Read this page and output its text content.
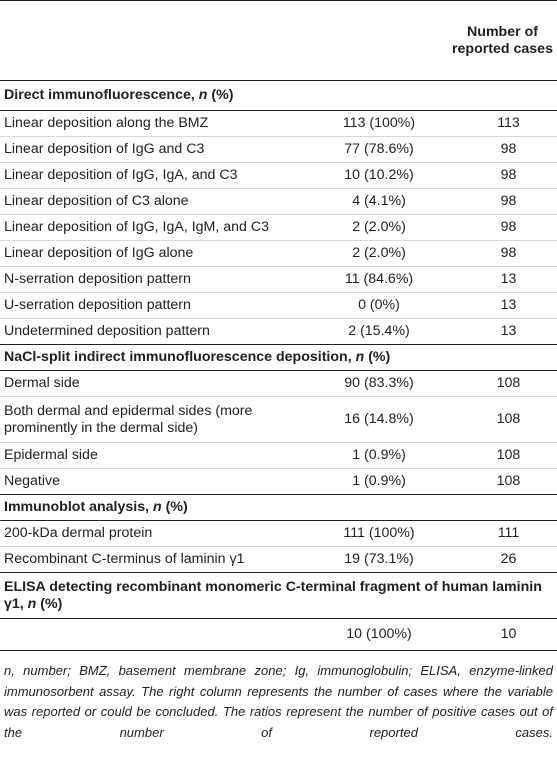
		Number of reported cases
Direct immunofluorescence, n (%)		
Linear deposition along the BMZ	113 (100%)	113
Linear deposition of IgG and C3	77 (78.6%)	98
Linear deposition of IgG, IgA, and C3	10 (10.2%)	98
Linear deposition of C3 alone	4 (4.1%)	98
Linear deposition of IgG, IgA, IgM, and C3	2 (2.0%)	98
Linear deposition of IgG alone	2 (2.0%)	98
N-serration deposition pattern	11 (84.6%)	13
U-serration deposition pattern	0 (0%)	13
Undetermined deposition pattern	2 (15.4%)	13
NaCl-split indirect immunofluorescence deposition, n (%)		
Dermal side	90 (83.3%)	108
Both dermal and epidermal sides (more prominently in the dermal side)	16 (14.8%)	108
Epidermal side	1 (0.9%)	108
Negative	1 (0.9%)	108
Immunoblot analysis, n (%)		
200-kDa dermal protein	111 (100%)	111
Recombinant C-terminus of laminin γ1	19 (73.1%)	26
ELISA detecting recombinant monomeric C-terminal fragment of human laminin γ1, n (%)		
	10 (100%)	10
n, number; BMZ, basement membrane zone; Ig, immunoglobulin; ELISA, enzyme-linked immunosorbent assay. The right column represents the number of cases where the variable was reported or could be concluded. The ratios represent the number of positive cases out of the number of reported cases.
